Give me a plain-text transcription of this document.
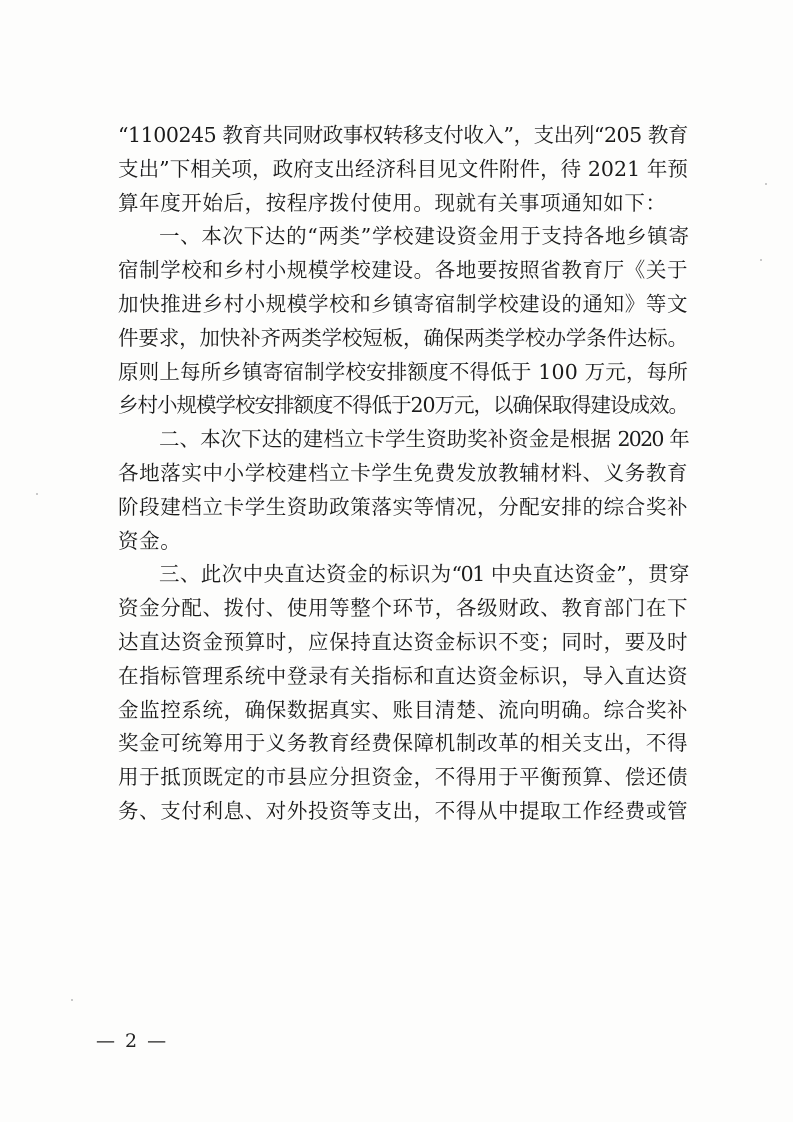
“1100245 教育共同财政事权转移支付收入”，支出列“205 教育
支出”下相关项，政府支出经济科目见文件附件，待 2021 年预
算年度开始后，按程序拨付使用。现就有关事项通知如下：

一、本次下达的“两类”学校建设资金用于支持各地乡镇寄
宿制学校和乡村小规模学校建设。各地要按照省教育厅《关于
加快推进乡村小规模学校和乡镇寄宿制学校建设的通知》等文
件要求，加快补齐两类学校短板，确保两类学校办学条件达标。
原则上每所乡镇寄宿制学校安排额度不得低于 100 万元，每所
乡村小规模学校安排额度不得低于20万元，以确保取得建设成效。

二、本次下达的建档立卡学生资助奖补资金是根据 2020 年
各地落实中小学校建档立卡学生免费发放教辅材料、义务教育
阶段建档立卡学生资助政策落实等情况，分配安排的综合奖补
资金。

三、此次中央直达资金的标识为“01 中央直达资金”，贯穿
资金分配、拨付、使用等整个环节，各级财政、教育部门在下
达直达资金预算时，应保持直达资金标识不变；同时，要及时
在指标管理系统中登录有关指标和直达资金标识，导入直达资
金监控系统，确保数据真实、账目清楚、流向明确。综合奖补
奖金可统筹用于义务教育经费保障机制改革的相关支出，不得
用于抵顶既定的市县应分担资金，不得用于平衡预算、偿还债
务、支付利息、对外投资等支出，不得从中提取工作经费或管

— 2 —
